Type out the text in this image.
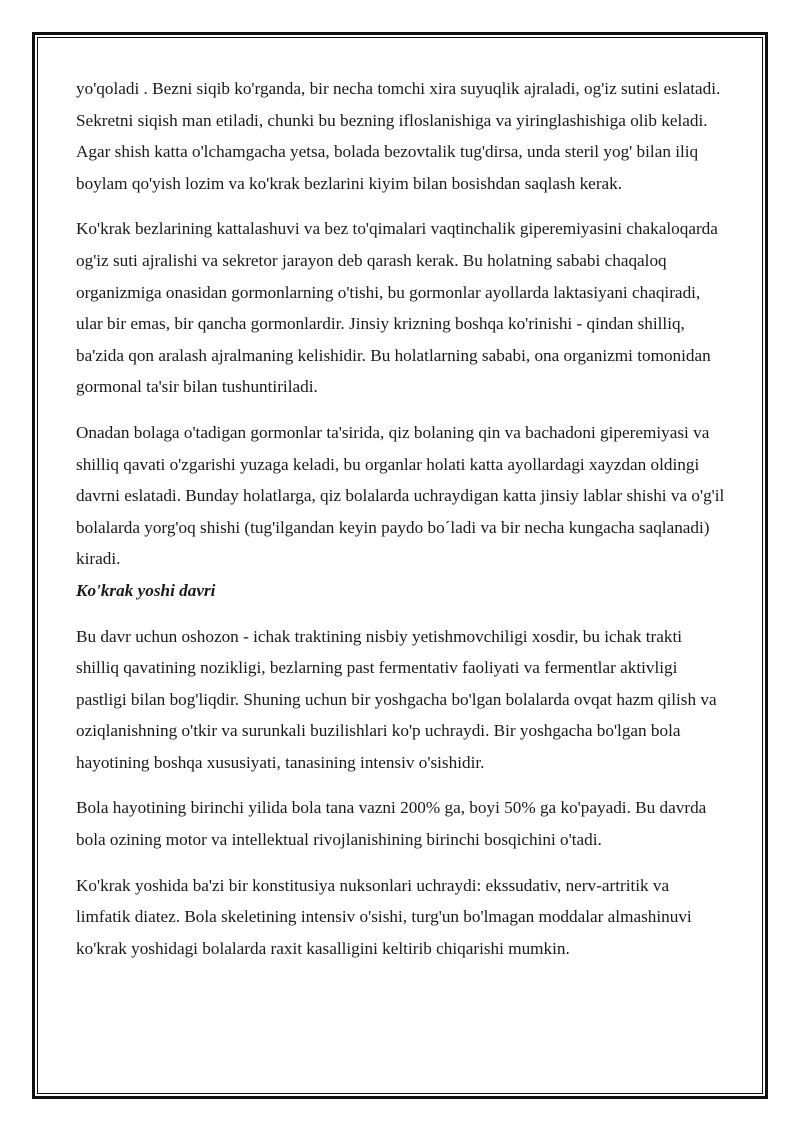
yo'qoladi . Bezni siqib ko'rganda, bir necha tomchi xira suyuqlik ajraladi, og'iz sutini eslatadi. Sekretni siqish man etiladi, chunki bu bezning ifloslanishiga va yiringlashishiga olib keladi. Agar shish katta o'lchamgacha yetsa, bolada bezovtalik tug'dirsa, unda steril yog' bilan iliq boylam qo'yish lozim va ko'krak bezlarini kiyim bilan bosishdan saqlash kerak.

Ko'krak bezlarining kattalashuvi va bez to'qimalari vaqtinchalik giperemiyasini chakaloqarda og'iz suti ajralishi va sekretor jarayon deb qarash kerak. Bu holatning sababi chaqaloq organizmiga onasidan gormonlarning o'tishi, bu gormonlar ayollarda laktasiyani chaqiradi, ular bir emas, bir qancha gormonlardir. Jinsiy krizning boshqa ko'rinishi - qindan shilliq, ba'zida qon aralash ajralmaning kelishidir. Bu holatlarning sababi, ona organizmi tomonidan gormonal ta'sir bilan tushuntiriladi.

Onadan bolaga o'tadigan gormonlar ta'sirida, qiz bolaning qin va bachadoni giperemiyasi va shilliq qavati o'zgarishi yuzaga keladi, bu organlar holati katta ayollardagi xayzdan oldingi davrni eslatadi. Bunday holatlarga, qiz bolalarda uchraydigan katta jinsiy lablar shishi va o'g'il bolalarda yorg'oq shishi (tug'ilgandan keyin paydo bo´ladi va bir necha kungacha saqlanadi) kiradi.

Ko'krak yoshi davri

Bu davr uchun oshozon - ichak traktining nisbiy yetishmovchiligi xosdir, bu ichak trakti shilliq qavatining nozikligi, bezlarning past fermentativ faoliyati va fermentlar aktivligi pastligi bilan bog'liqdir. Shuning uchun bir yoshgacha bo'lgan bolalarda ovqat hazm qilish va oziqlanishning o'tkir va surunkali buzilishlari ko'p uchraydi. Bir yoshgacha bo'lgan bola hayotining boshqa xususiyati, tanasining intensiv o'sishidir.

Bola hayotining birinchi yilida bola tana vazni 200% ga, boyi 50% ga ko'payadi. Bu davrda bola ozining motor va intellektual rivojlanishining birinchi bosqichini o'tadi.

Ko'krak yoshida ba'zi bir konstitusiya nuksonlari uchraydi: ekssudativ, nerv-artritik va limfatik diatez. Bola skeletining intensiv o'sishi, turg'un bo'lmagan moddalar almashinuvi ko'krak yoshidagi bolalarda raxit kasalligini keltirib chiqarishi mumkin.
